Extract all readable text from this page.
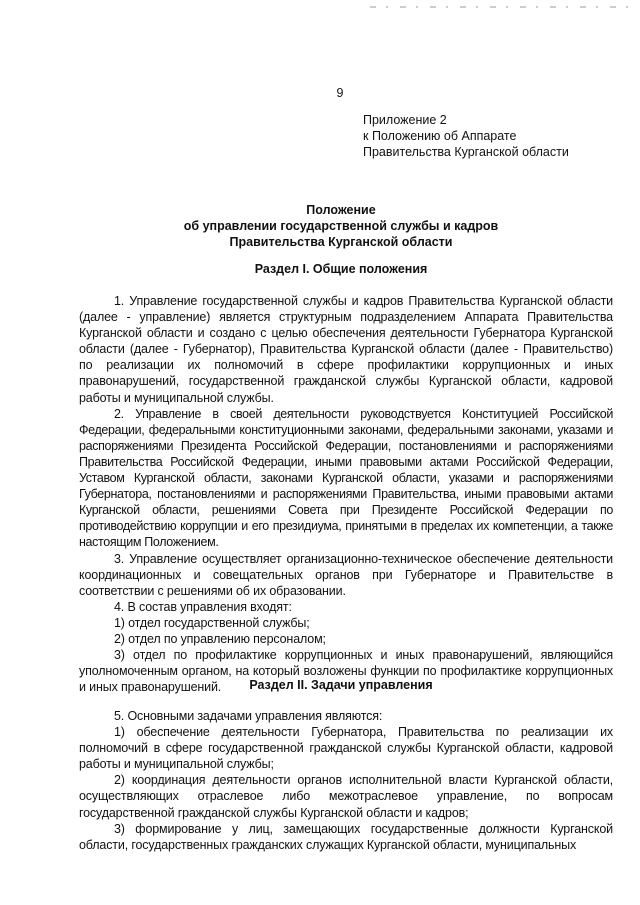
9
Приложение 2
к Положению об Аппарате
Правительства Курганской области
Положение
об управлении государственной службы и кадров
Правительства Курганской области
Раздел I. Общие положения

1. Управление государственной службы и кадров Правительства Курганской области (далее - управление) является структурным подразделением Аппарата Правительства Курганской области и создано с целью обеспечения деятельности Губернатора Курганской области (далее - Губернатор), Правительства Курганской области (далее - Правительство) по реализации их полномочий в сфере профилактики коррупционных и иных правонарушений, государственной гражданской службы Курганской области, кадровой работы и муниципальной службы.

2. Управление в своей деятельности руководствуется Конституцией Российской Федерации, федеральными конституционными законами, федеральными законами, указами и распоряжениями Президента Российской Федерации, постановлениями и распоряжениями Правительства Российской Федерации, иными правовыми актами Российской Федерации, Уставом Курганской области, законами Курганской области, указами и распоряжениями Губернатора, постановлениями и распоряжениями Правительства, иными правовыми актами Курганской области, решениями Совета при Президенте Российской Федерации по противодействию коррупции и его президиума, принятыми в пределах их компетенции, а также настоящим Положением.

3. Управление осуществляет организационно-техническое обеспечение деятельности координационных и совещательных органов при Губернаторе и Правительстве в соответствии с решениями об их образовании.

4. В состав управления входят:

1) отдел государственной службы;

2) отдел по управлению персоналом;

3) отдел по профилактике коррупционных и иных правонарушений, являющийся уполномоченным органом, на который возложены функции по профилактике коррупционных и иных правонарушений.	Раздел II. Задачи управления

5. Основными задачами управления являются:

1) обеспечение деятельности Губернатора, Правительства по реализации их полномочий в сфере государственной гражданской службы Курганской области, кадровой работы и муниципальной службы;

2) координация деятельности органов исполнительной власти Курганской области, осуществляющих отраслевое либо межотраслевое управление, по вопросам государственной гражданской службы Курганской области и кадров;

3) формирование у лиц, замещающих государственные должности Курганской области, государственных гражданских служащих Курганской области, муниципальных
